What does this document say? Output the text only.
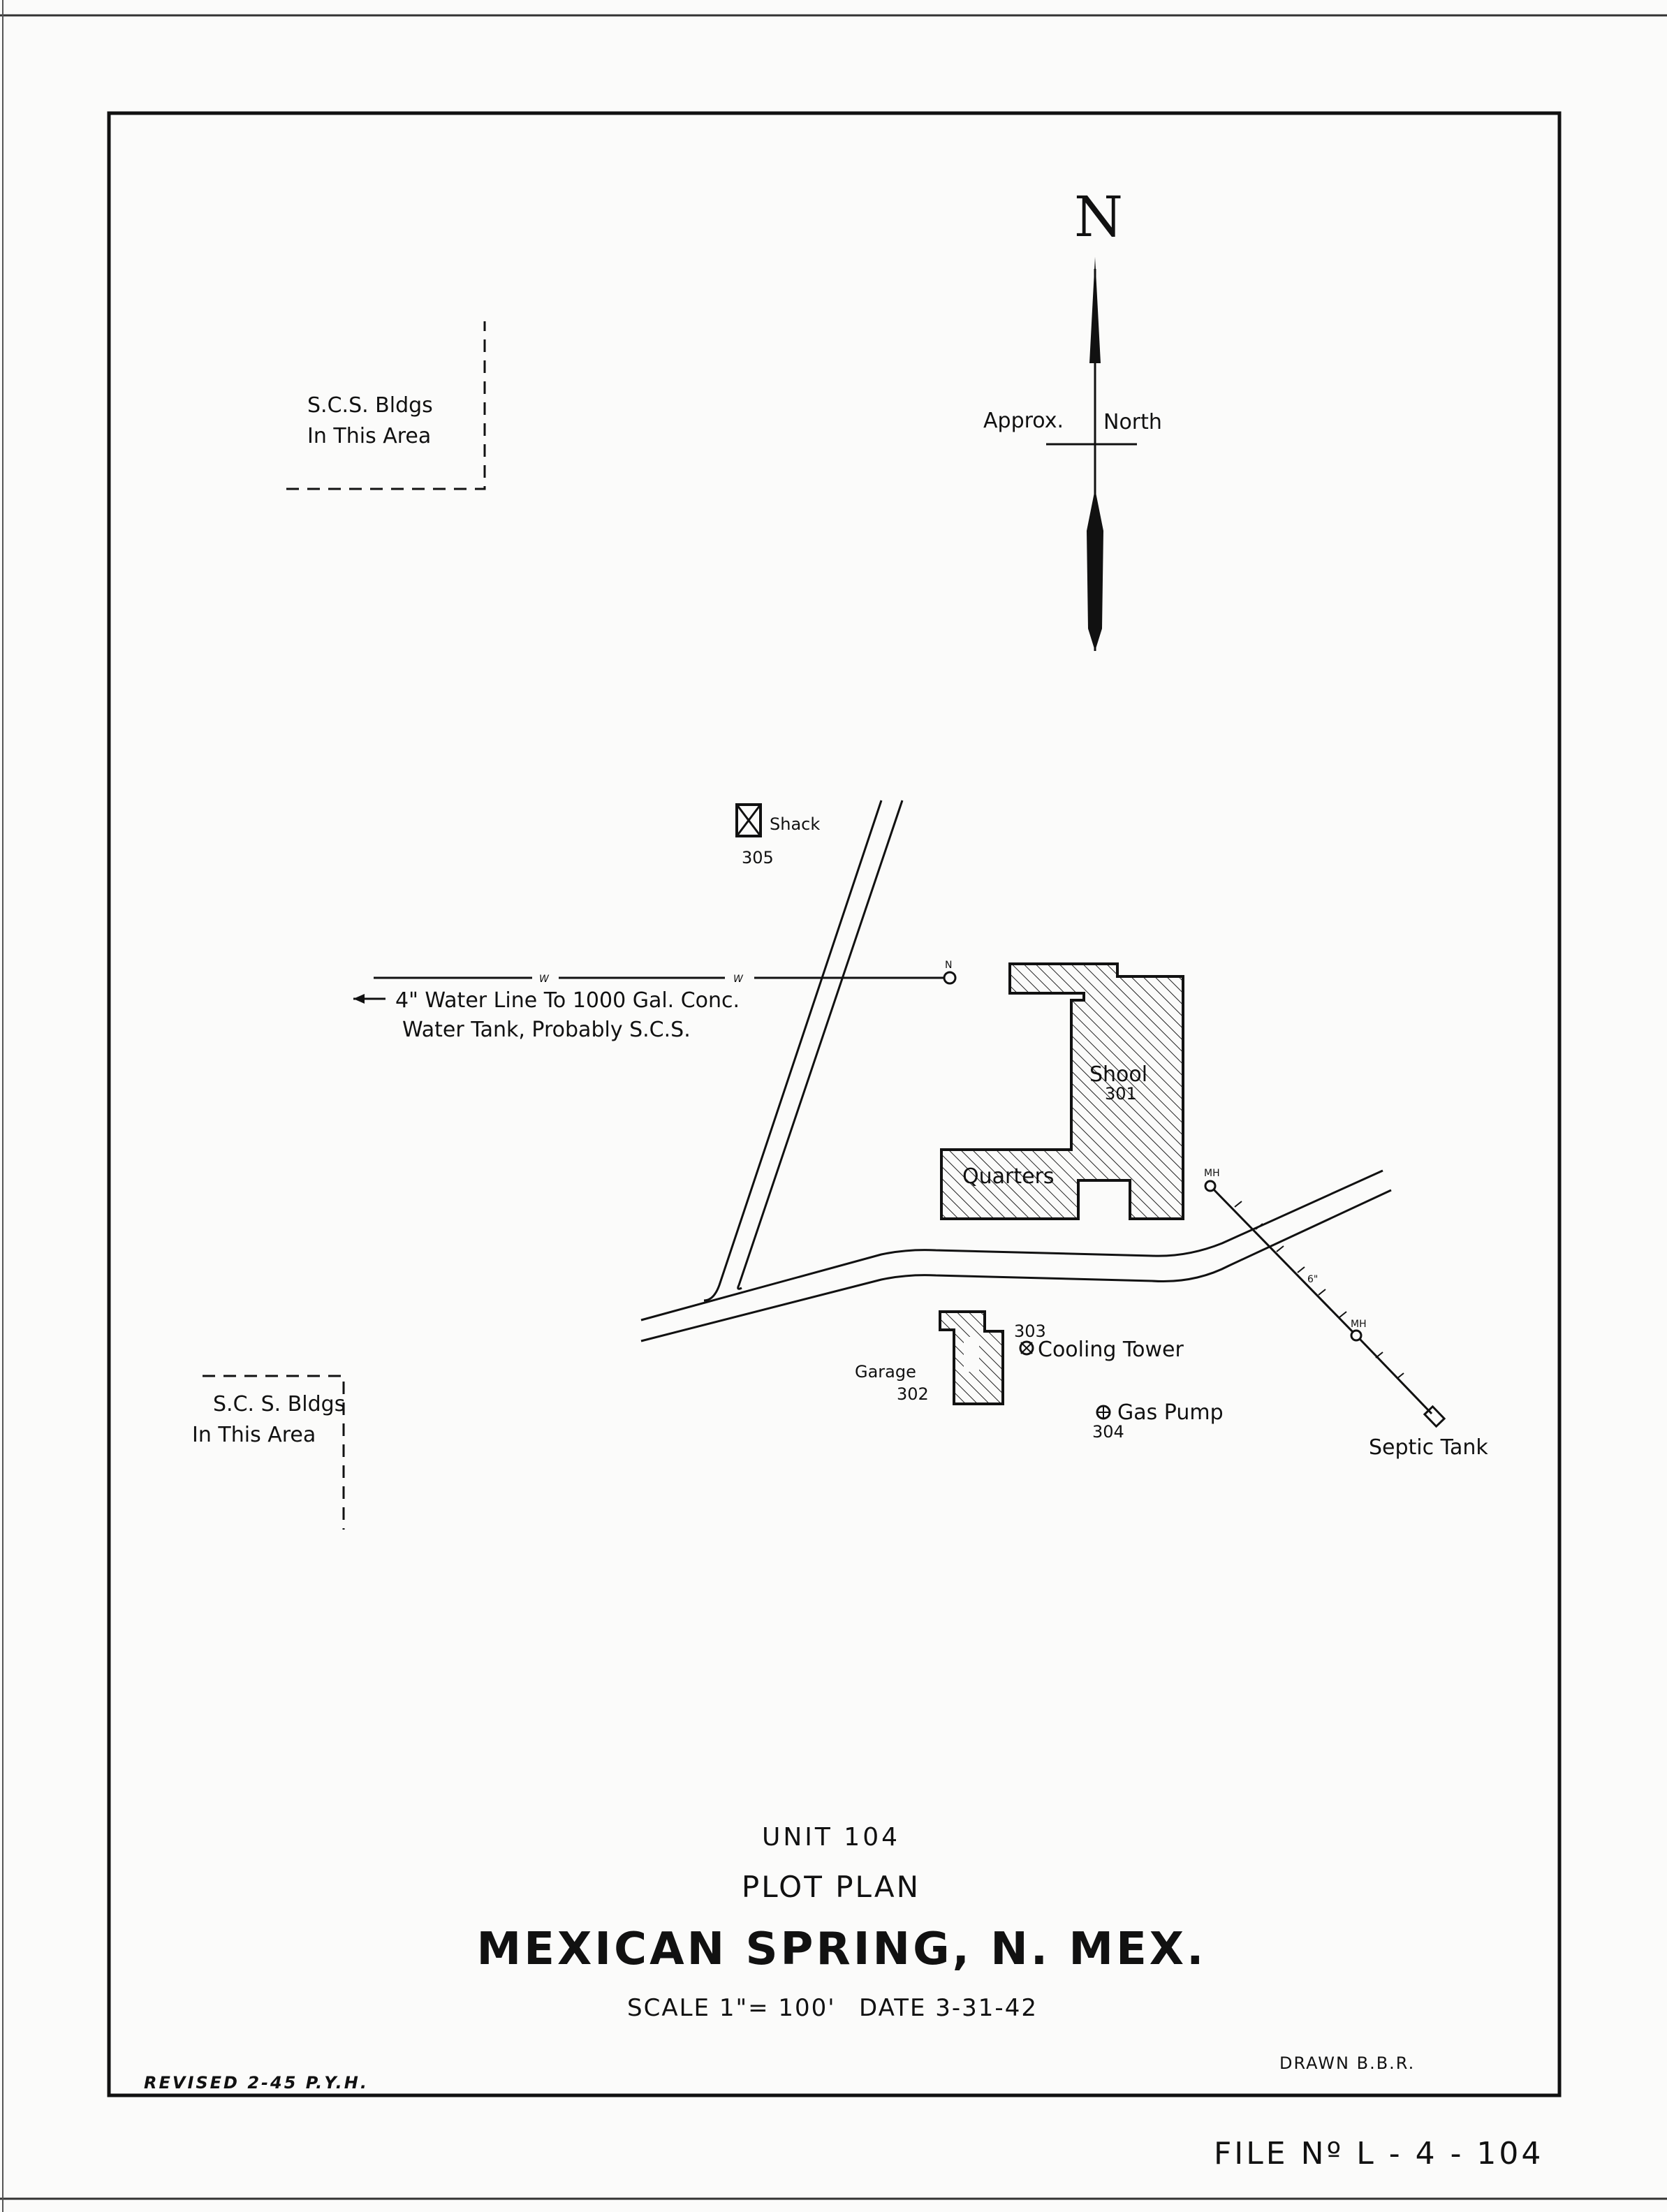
N
Approx. North
S.C.S. Bldgs
In This Area
S.C. S. Bldgs
In This Area
Shack
305
W	W
N
4" Water Line To 1000 Gal. Conc.
Water Tank, Probably S.C.S.
Shool
301
Quarters
Garage
302
303
Cooling Tower
Gas Pump
304
MH
MH
6"
Septic Tank
UNIT 104
PLOT PLAN
MEXICAN SPRING, N. MEX.
SCALE 1"= 100' DATE 3-31-42
REVISED 2-45 P.Y.H.
DRAWN B.B.R.
FILE Nº L - 4 - 104
